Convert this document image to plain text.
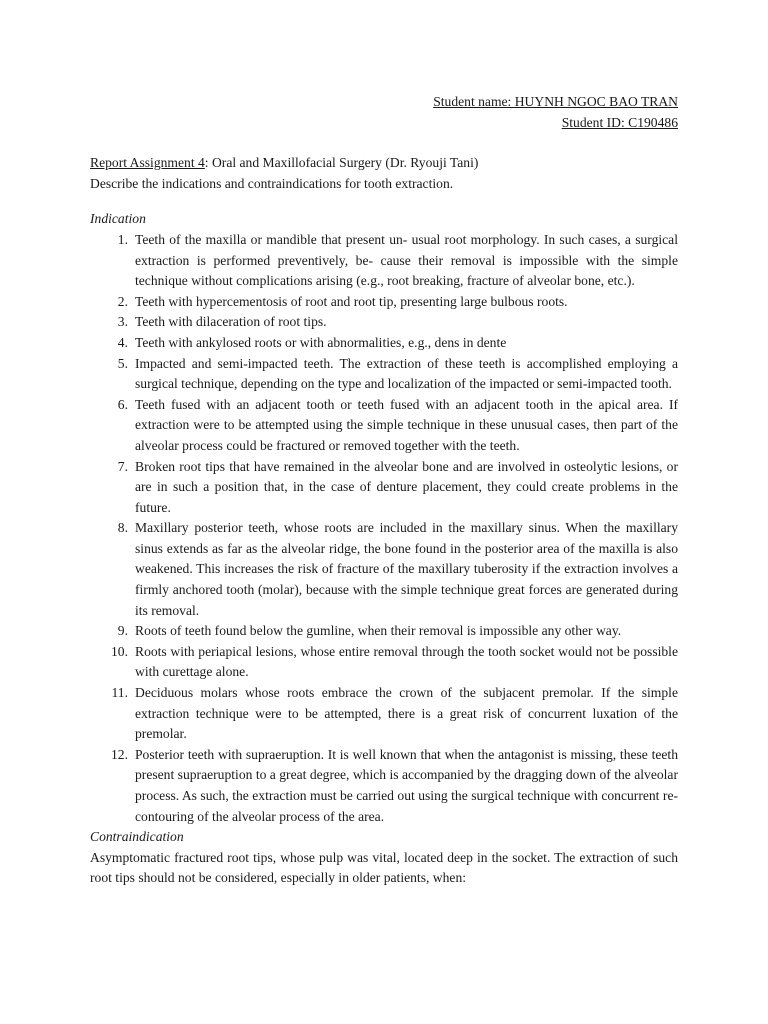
Student name: HUYNH NGOC BAO TRAN
Student ID: C190486
Report Assignment 4: Oral and Maxillofacial Surgery (Dr. Ryouji Tani)
Describe the indications and contraindications for tooth extraction.
Indication
1. Teeth of the maxilla or mandible that present un- usual root morphology. In such cases, a surgical extraction is performed preventively, be- cause their removal is impossible with the simple technique without complications arising (e.g., root breaking, fracture of alveolar bone, etc.).
2. Teeth with hypercementosis of root and root tip, presenting large bulbous roots.
3. Teeth with dilaceration of root tips.
4. Teeth with ankylosed roots or with abnormalities, e.g., dens in dente
5. Impacted and semi-impacted teeth. The extraction of these teeth is accomplished employing a surgical technique, depending on the type and localization of the impacted or semi-impacted tooth.
6. Teeth fused with an adjacent tooth or teeth fused with an adjacent tooth in the apical area. If extraction were to be attempted using the simple technique in these unusual cases, then part of the alveolar process could be fractured or removed together with the teeth.
7. Broken root tips that have remained in the alveolar bone and are involved in osteolytic lesions, or are in such a position that, in the case of denture placement, they could create problems in the future.
8. Maxillary posterior teeth, whose roots are included in the maxillary sinus. When the maxillary sinus extends as far as the alveolar ridge, the bone found in the posterior area of the maxilla is also weakened. This increases the risk of fracture of the maxillary tuberosity if the extraction involves a firmly anchored tooth (molar), because with the simple technique great forces are generated during its removal.
9. Roots of teeth found below the gumline, when their removal is impossible any other way.
10. Roots with periapical lesions, whose entire removal through the tooth socket would not be possible with curettage alone.
11. Deciduous molars whose roots embrace the crown of the subjacent premolar. If the simple extraction technique were to be attempted, there is a great risk of concurrent luxation of the premolar.
12. Posterior teeth with supraeruption. It is well known that when the antagonist is missing, these teeth present supraeruption to a great degree, which is accompanied by the dragging down of the alveolar process. As such, the extraction must be carried out using the surgical technique with concurrent re- contouring of the alveolar process of the area.
Contraindication
Asymptomatic fractured root tips, whose pulp was vital, located deep in the socket. The extraction of such root tips should not be considered, especially in older patients, when:
